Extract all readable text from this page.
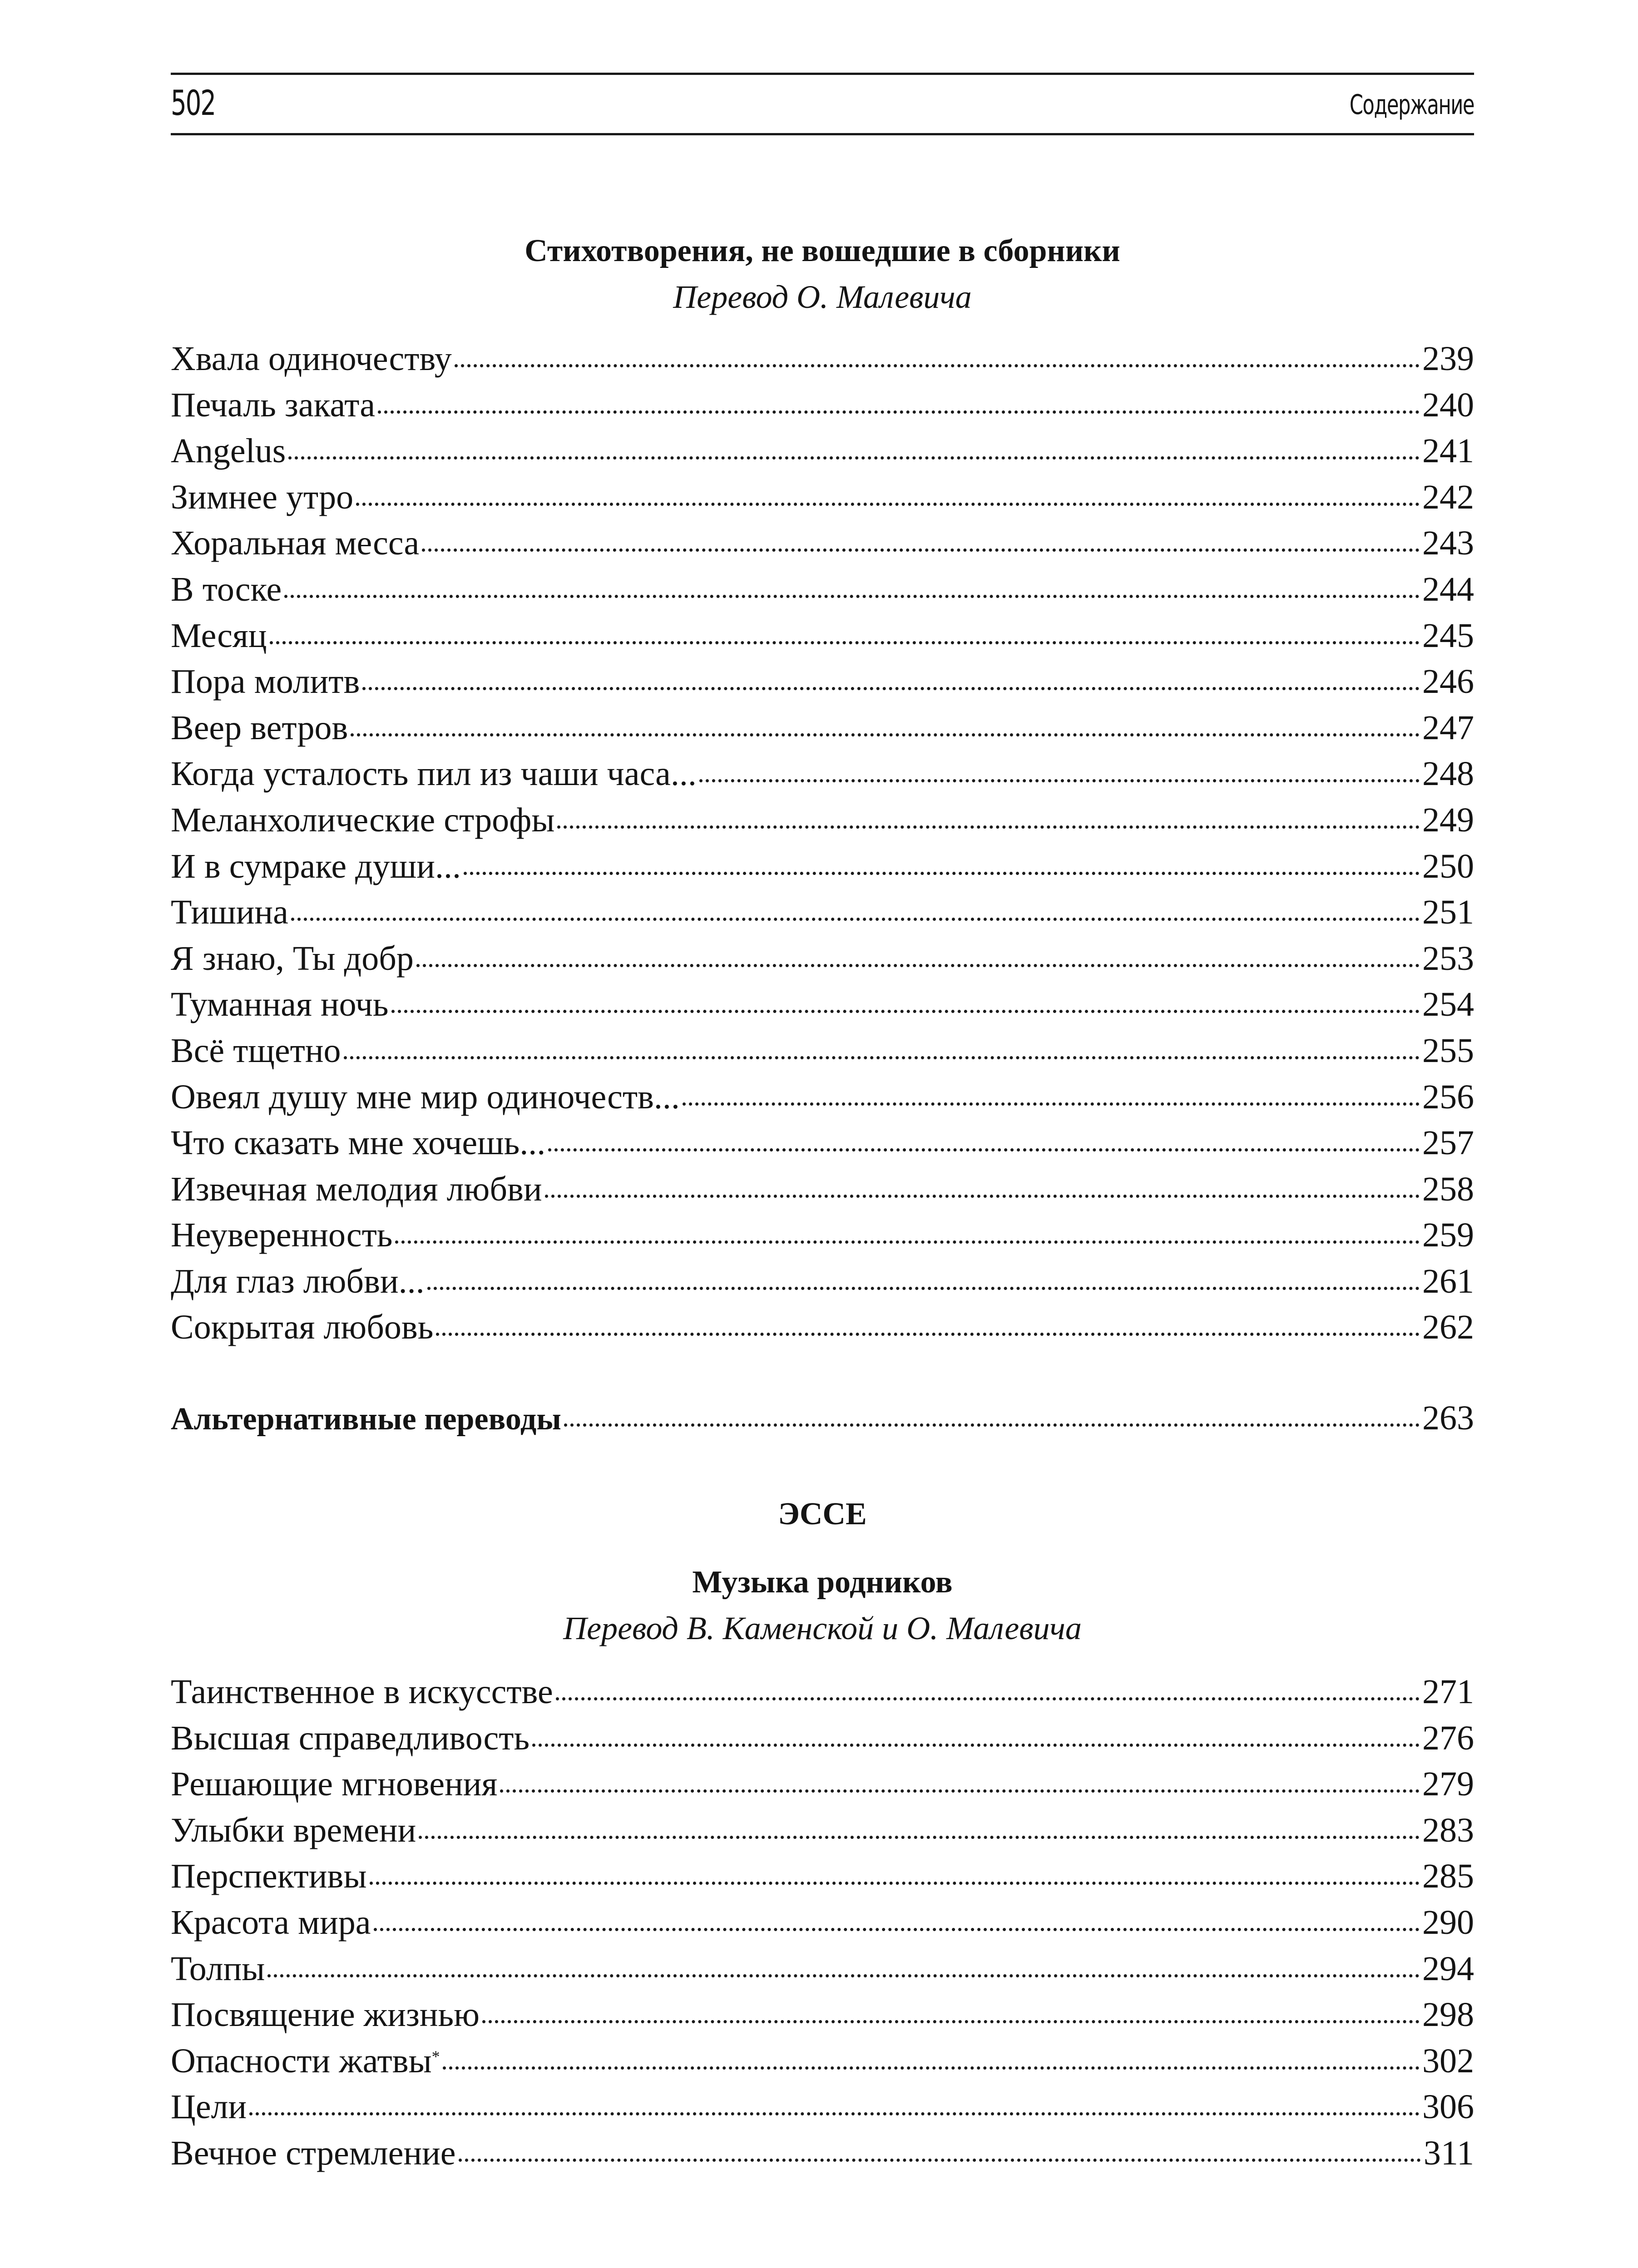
502	Содержание
Стихотворения, не вошедшие в сборники
Перевод О. Малевича
Хвала одиночеству	239
Печаль заката	240
Angelus	241
Зимнее утро	242
Хоральная месса	243
В тоске	244
Месяц	245
Пора молитв	246
Веер ветров	247
Когда усталость пил из чаши часа...	248
Меланхолические строфы	249
И в сумраке души...	250
Тишина	251
Я знаю, Ты добр	253
Туманная ночь	254
Всё тщетно	255
Овеял душу мне мир одиночеств...	256
Что сказать мне хочешь...	257
Извечная мелодия любви	258
Неуверенность	259
Для глаз любви...	261
Сокрытая любовь	262
Альтернативные переводы	263
ЭССЕ
Музыка родников
Перевод В. Каменской и О. Малевича
Таинственное в искусстве	271
Высшая справедливость	276
Решающие мгновения	279
Улыбки времени	283
Перспективы	285
Красота мира	290
Толпы	294
Посвящение жизнью	298
Опасности жатвы*	302
Цели	306
Вечное стремление	311
